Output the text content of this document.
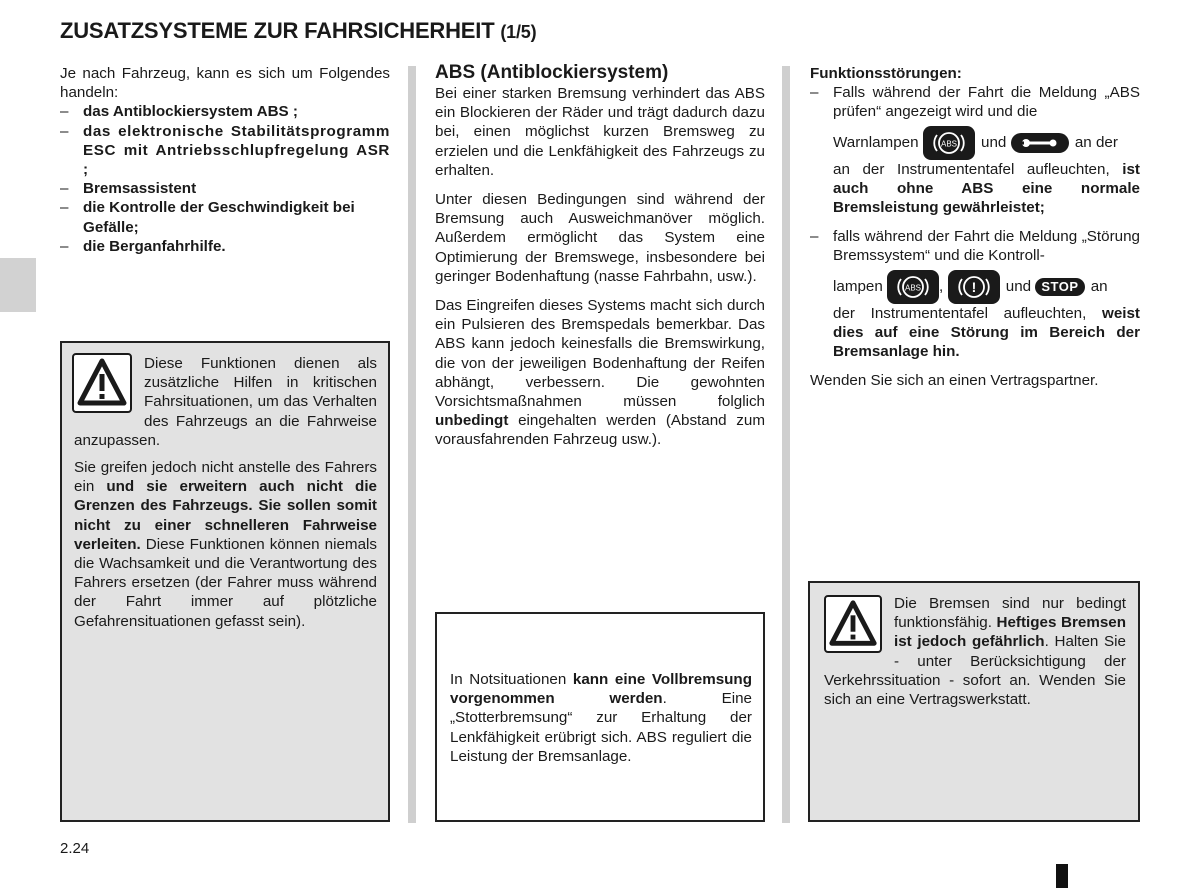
ZUSATZSYSTEME ZUR FAHRSICHERHEIT (1/5)
Je nach Fahrzeug, kann es sich um Folgendes handeln:
– das Antiblockiersystem ABS ;
– das elektronische Stabilitätsprogramm ESC mit Antriebsschlupfregelung ASR ;
– Bremsassistent
– die Kontrolle der Geschwindigkeit bei Gefälle;
– die Berganfahrhilfe.

Diese Funktionen dienen als zusätzliche Hilfen in kritischen Fahrsituationen, um das Verhalten des Fahrzeugs an die Fahrweise anzupassen.

Sie greifen jedoch nicht anstelle des Fahrers ein und sie erweitern auch nicht die Grenzen des Fahrzeugs. Sie sollen somit nicht zu einer schnelleren Fahrweise verleiten. Diese Funktionen können niemals die Wachsamkeit und die Verantwortung des Fahrers ersetzen (der Fahrer muss während der Fahrt immer auf plötzliche Gefahrensituationen gefasst sein).

ABS (Antiblockiersystem)

Bei einer starken Bremsung verhindert das ABS ein Blockieren der Räder und trägt dadurch dazu bei, einen möglichst kurzen Bremsweg zu erzielen und die Lenkfähigkeit des Fahrzeugs zu erhalten.

Unter diesen Bedingungen sind während der Bremsung auch Ausweichmanöver möglich. Außerdem ermöglicht das System eine Optimierung der Bremswege, insbesondere bei geringer Bodenhaftung (nasse Fahrbahn, usw.).

Das Eingreifen dieses Systems macht sich durch ein Pulsieren des Bremspedals bemerkbar. Das ABS kann jedoch keinesfalls die Bremswirkung, die von der jeweiligen Bodenhaftung der Reifen abhängt, verbessern. Die gewohnten Vorsichtsmaßnahmen müssen folglich unbedingt eingehalten werden (Abstand zum vorausfahrenden Fahrzeug usw.).

In Notsituationen kann eine Vollbremsung vorgenommen werden. Eine „Stotterbremsung“ zur Erhaltung der Lenkfähigkeit erübrigt sich. ABS reguliert die Leistung der Bremsanlage.
Funktionsstörungen:
– Falls während der Fahrt die Meldung „ABS prüfen“ angezeigt wird und die
Warnlampen	ABS und	an der
an der Instrumententafel aufleuchten, ist auch ohne ABS eine normale Bremsleistung gewährleistet;
– falls während der Fahrt die Meldung „Störung Bremssystem“ und die Kontroll-
lampen	ABS , ! und STOP an
der Instrumententafel aufleuchten, weist dies auf eine Störung im Bereich der Bremsanlage hin.

Wenden Sie sich an einen Vertragspartner.

Die Bremsen sind nur bedingt funktionsfähig. Heftiges Bremsen ist jedoch gefährlich. Halten Sie - unter Berücksichtigung der Verkehrssituation - sofort an. Wenden Sie sich an eine Vertragswerkstatt.
2.24
